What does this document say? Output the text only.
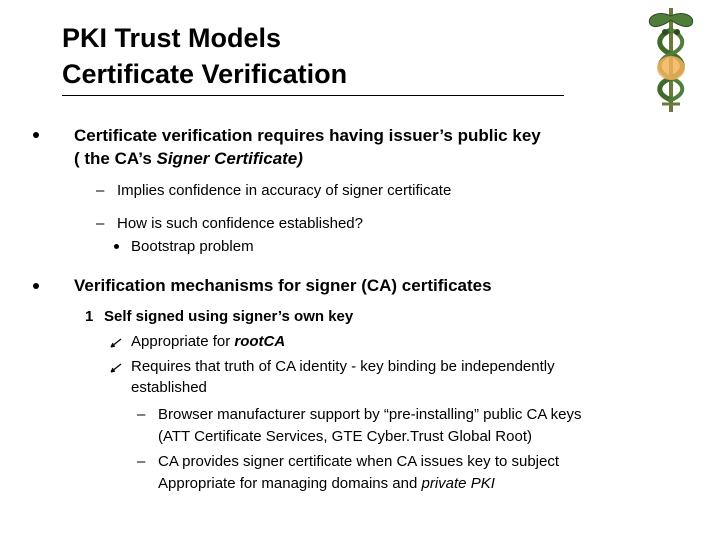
PKI Trust Models
Certificate Verification
Certificate verification requires having issuer’s public key
( the CA’s Signer Certificate)
– Implies confidence in accuracy of signer certificate
– How is such confidence established?
Bootstrap problem
Verification mechanisms for signer (CA) certificates
1 Self signed using signer’s own key
Appropriate for rootCA
Requires that truth of CA identity - key binding be independently
established
– Browser manufacturer support by “pre-installing” public CA keys
(ATT Certificate Services, GTE Cyber.Trust Global Root)
– CA provides signer certificate when CA issues key to subject
Appropriate for managing domains and private PKI
